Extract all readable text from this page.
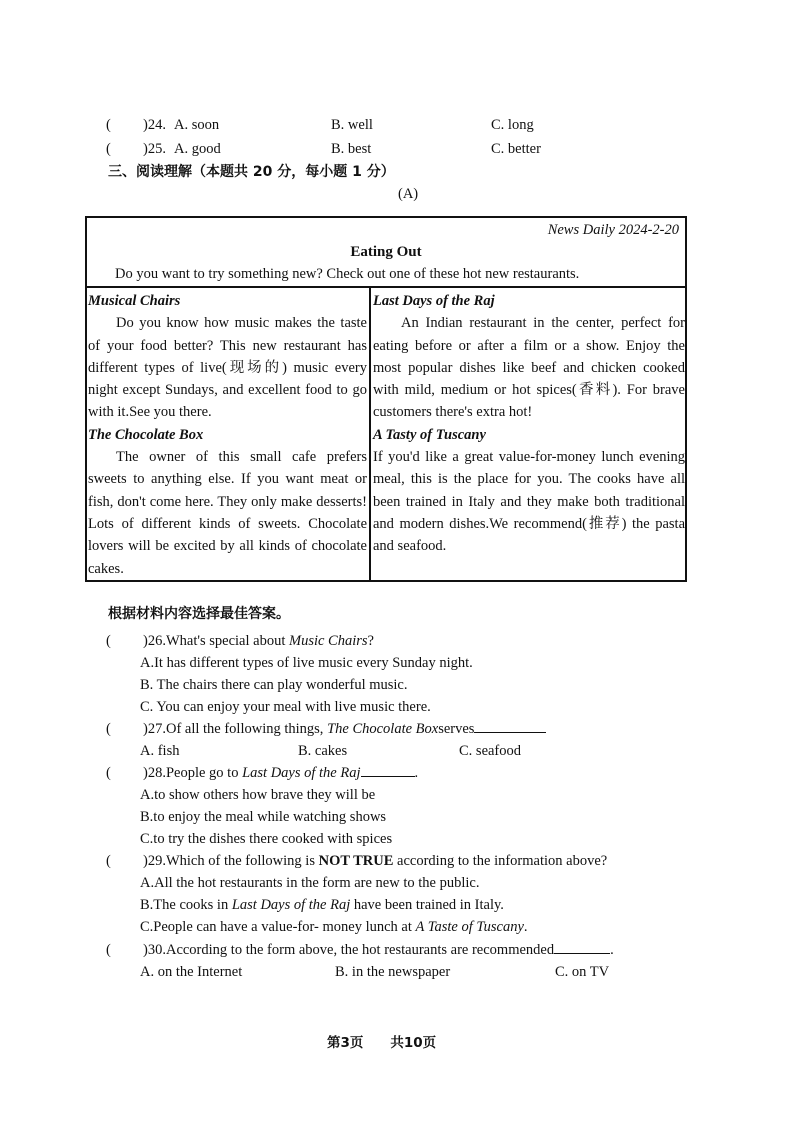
( )24. A. soon	B. well	C. long
( )25. A. good	B. best	C. better
三、阅读理解（本题共 20 分，每小题 1 分）
(A)
News Daily 2024-2-20
Eating Out
Do you want to try something new? Check out one of these hot new restaurants.
Musical Chairs
Do you know how music makes the taste of your food better? This new restaurant has different types of live(现场的) music every night except Sundays, and excellent food to go with it.See you there.
The Chocolate Box
The owner of this small cafe prefers sweets to anything else. If you want meat or fish, don't come here. They only make desserts! Lots of different kinds of sweets. Chocolate lovers will be excited by all kinds of chocolate cakes.
Last Days of the Raj
An Indian restaurant in the center, perfect for eating before or after a film or a show. Enjoy the most popular dishes like beef and chicken cooked with mild, medium or hot spices(香料). For brave customers there's extra hot!
A Tasty of Tuscany
If you'd like a great value-for-money lunch evening meal, this is the place for you. The cooks have all been trained in Italy and they make both traditional and modern dishes.We recommend(推荐) the pasta and seafood.
根据材料内容选择最佳答案。
( )26.What's special about Music Chairs?
A.It has different types of live music every Sunday night.
B. The chairs there can play wonderful music.
C. You can enjoy your meal with live music there.
( )27.Of all the following things, The Chocolate Boxserves
A. fish	B. cakes	C. seafood
( )28.People go to Last Days of the Raj	.
A.to show others how brave they will be
B.to enjoy the meal while watching shows
C.to try the dishes there cooked with spices
( )29.Which of the following is NOT TRUE according to the information above?
A.All the hot restaurants in the form are new to the public.
B.The cooks in Last Days of the Raj have been trained in Italy.
C.People can have a value-for- money lunch at A Taste of Tuscany.
( )30.According to the form above, the hot restaurants are recommended	.
A. on the Internet	B. in the newspaper	C. on TV
第3页　　共10页
